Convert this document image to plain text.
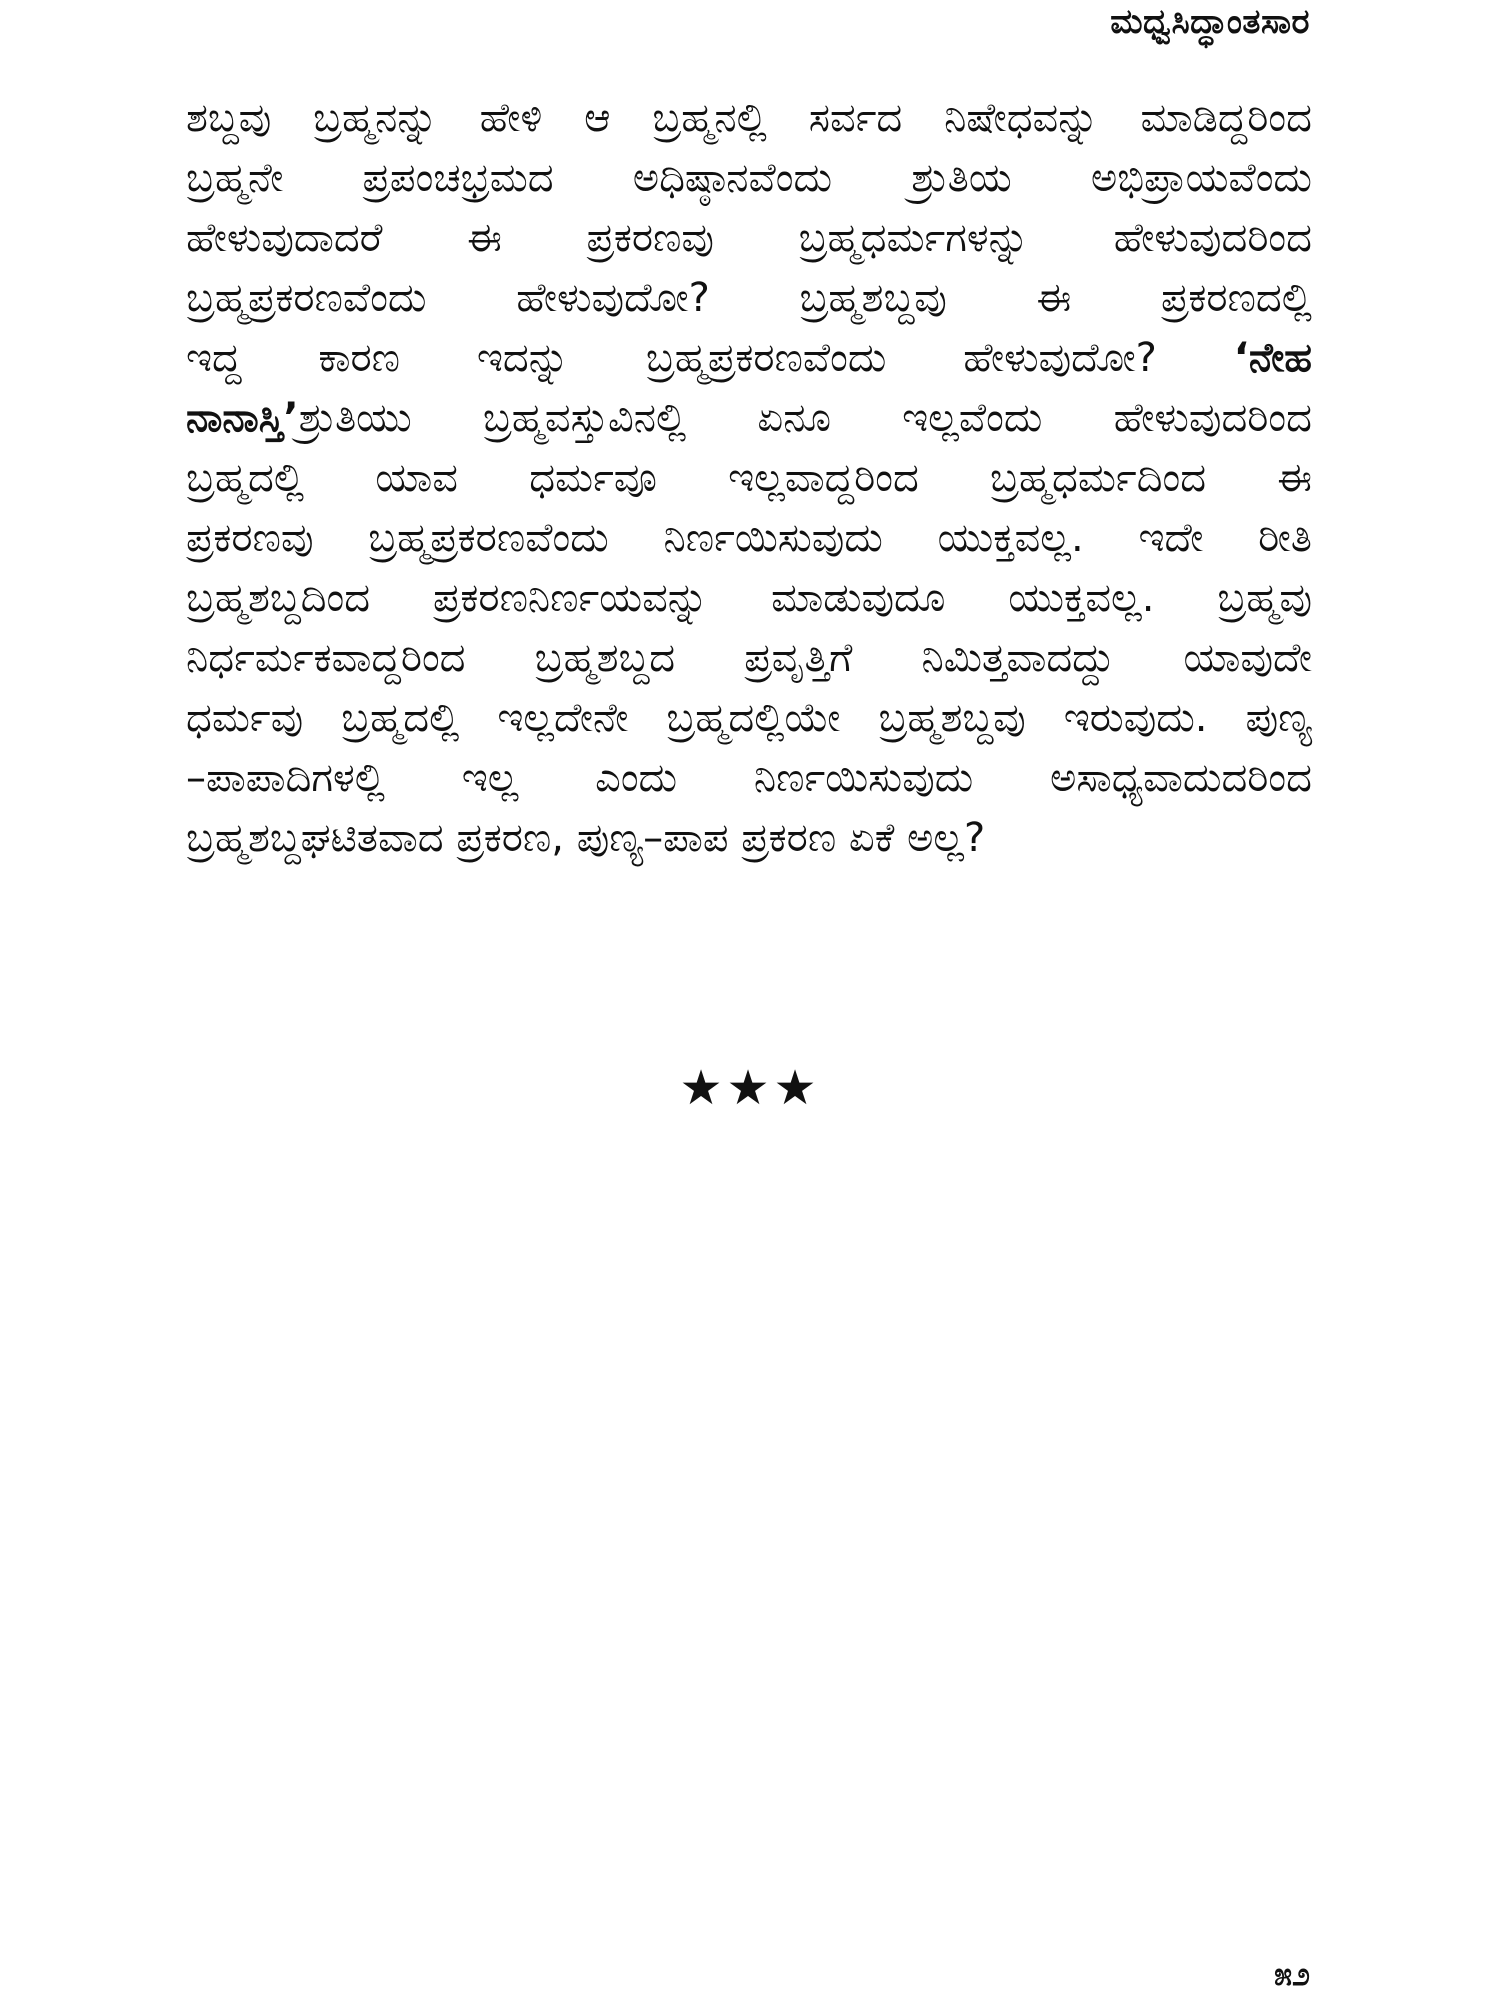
ಮಧ್ವಸಿದ್ಧಾಂತಸಾರ
ಶಬ್ದವು ಬ್ರಹ್ಮನನ್ನು ಹೇಳಿ ಆ ಬ್ರಹ್ಮನಲ್ಲಿ ಸರ್ವದ ನಿಷೇಧವನ್ನು ಮಾಡಿದ್ದರಿಂದ
ಬ್ರಹ್ಮನೇ ಪ್ರಪಂಚಭ್ರಮದ ಅಧಿಷ್ಠಾನವೆಂದು ಶ್ರುತಿಯ ಅಭಿಪ್ರಾಯವೆಂದು
ಹೇಳುವುದಾದರೆ ಈ ಪ್ರಕರಣವು ಬ್ರಹ್ಮಧರ್ಮಗಳನ್ನು ಹೇಳುವುದರಿಂದ
ಬ್ರಹ್ಮಪ್ರಕರಣವೆಂದು ಹೇಳುವುದೋ? ಬ್ರಹ್ಮಶಬ್ದವು ಈ ಪ್ರಕರಣದಲ್ಲಿ
ಇದ್ದ ಕಾರಣ ಇದನ್ನು ಬ್ರಹ್ಮಪ್ರಕರಣವೆಂದು ಹೇಳುವುದೋ? ‘ನೇಹ
ನಾನಾಸ್ತಿ’ಶ್ರುತಿಯು ಬ್ರಹ್ಮವಸ್ತುವಿನಲ್ಲಿ ಏನೂ ಇಲ್ಲವೆಂದು ಹೇಳುವುದರಿಂದ
ಬ್ರಹ್ಮದಲ್ಲಿ ಯಾವ ಧರ್ಮವೂ ಇಲ್ಲವಾದ್ದರಿಂದ ಬ್ರಹ್ಮಧರ್ಮದಿಂದ ಈ
ಪ್ರಕರಣವು ಬ್ರಹ್ಮಪ್ರಕರಣವೆಂದು ನಿರ್ಣಯಿಸುವುದು ಯುಕ್ತವಲ್ಲ. ಇದೇ ರೀತಿ
ಬ್ರಹ್ಮಶಬ್ದದಿಂದ ಪ್ರಕರಣನಿರ್ಣಯವನ್ನು ಮಾಡುವುದೂ ಯುಕ್ತವಲ್ಲ. ಬ್ರಹ್ಮವು
ನಿರ್ಧರ್ಮಕವಾದ್ದರಿಂದ ಬ್ರಹ್ಮಶಬ್ದದ ಪ್ರವೃತ್ತಿಗೆ ನಿಮಿತ್ತವಾದದ್ದು ಯಾವುದೇ
ಧರ್ಮವು ಬ್ರಹ್ಮದಲ್ಲಿ ಇಲ್ಲದೇನೇ ಬ್ರಹ್ಮದಲ್ಲಿಯೇ ಬ್ರಹ್ಮಶಬ್ದವು ಇರುವುದು. ಪುಣ್ಯ
–ಪಾಪಾದಿಗಳಲ್ಲಿ ಇಲ್ಲ ಎಂದು ನಿರ್ಣಯಿಸುವುದು ಅಸಾಧ್ಯವಾದುದರಿಂದ
ಬ್ರಹ್ಮಶಬ್ದಘಟಿತವಾದ ಪ್ರಕರಣ, ಪುಣ್ಯ–ಪಾಪ ಪ್ರಕರಣ ಏಕೆ ಅಲ್ಲ?
★★★
೫೨
